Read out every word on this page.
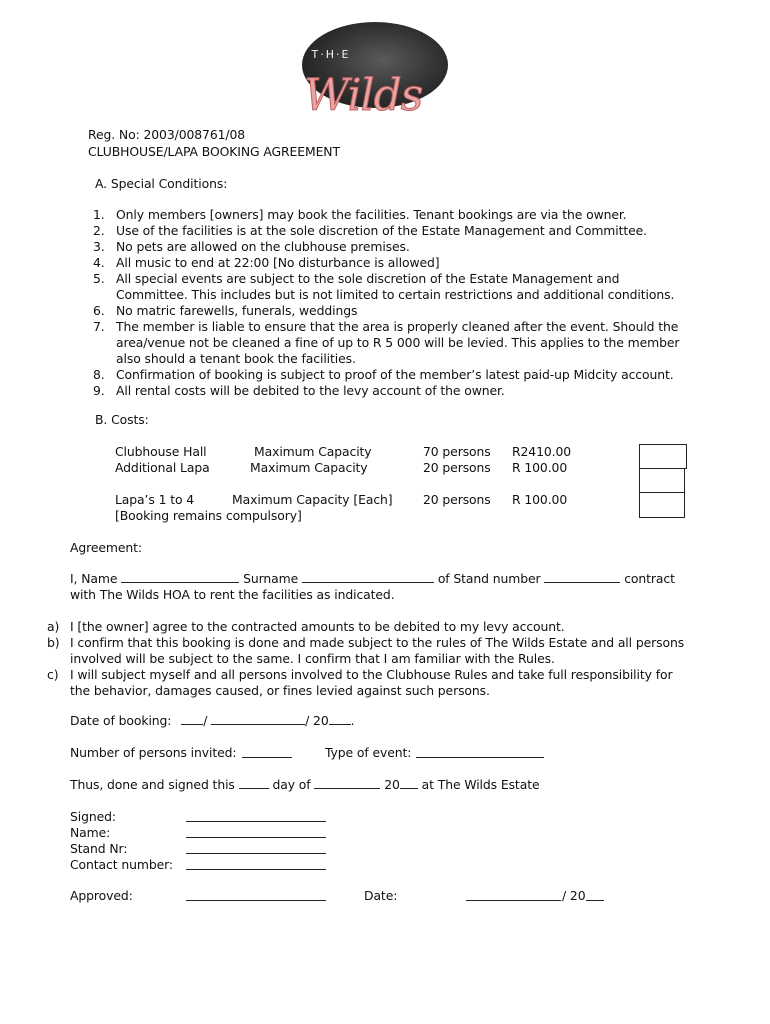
T·H·E
Wilds
Reg. No: 2003/008761/08
CLUBHOUSE/LAPA BOOKING AGREEMENT
A. Special Conditions:
1. Only members [owners] may book the facilities. Tenant bookings are via the owner.
2. Use of the facilities is at the sole discretion of the Estate Management and Committee.
3. No pets are allowed on the clubhouse premises.
4. All music to end at 22:00 [No disturbance is allowed]
5. All special events are subject to the sole discretion of the Estate Management and
Committee. This includes but is not limited to certain restrictions and additional conditions.
6. No matric farewells, funerals, weddings
7. The member is liable to ensure that the area is properly cleaned after the event. Should the
area/venue not be cleaned a fine of up to R 5 000 will be levied. This applies to the member
also should a tenant book the facilities.
8. Confirmation of booking is subject to proof of the member’s latest paid-up Midcity account.
9. All rental costs will be debited to the levy account of the owner.
B. Costs:
Clubhouse Hall	Maximum Capacity	70 persons R2410.00
Additional Lapa	Maximum Capacity	20 persons R 100.00
Lapa’s 1 to 4	Maximum Capacity [Each] 20 persons R 100.00
[Booking remains compulsory]
Agreement:
I, Name	Surname	of Stand number	contract
with The Wilds HOA to rent the facilities as indicated.
a) I [the owner] agree to the contracted amounts to be debited to my levy account.
b) I confirm that this booking is done and made subject to the rules of The Wilds Estate and all persons
involved will be subject to the same. I confirm that I am familiar with the Rules.
c) I will subject myself and all persons involved to the Clubhouse Rules and take full responsibility for
the behavior, damages caused, or fines levied against such persons.
Date of booking:	/	/ 20 .
Number of persons invited:	Type of event:
Thus, done and signed this	day of	20 at The Wilds Estate
Signed:
Name:
Stand Nr:
Contact number:
Approved:	Date:	/ 20
